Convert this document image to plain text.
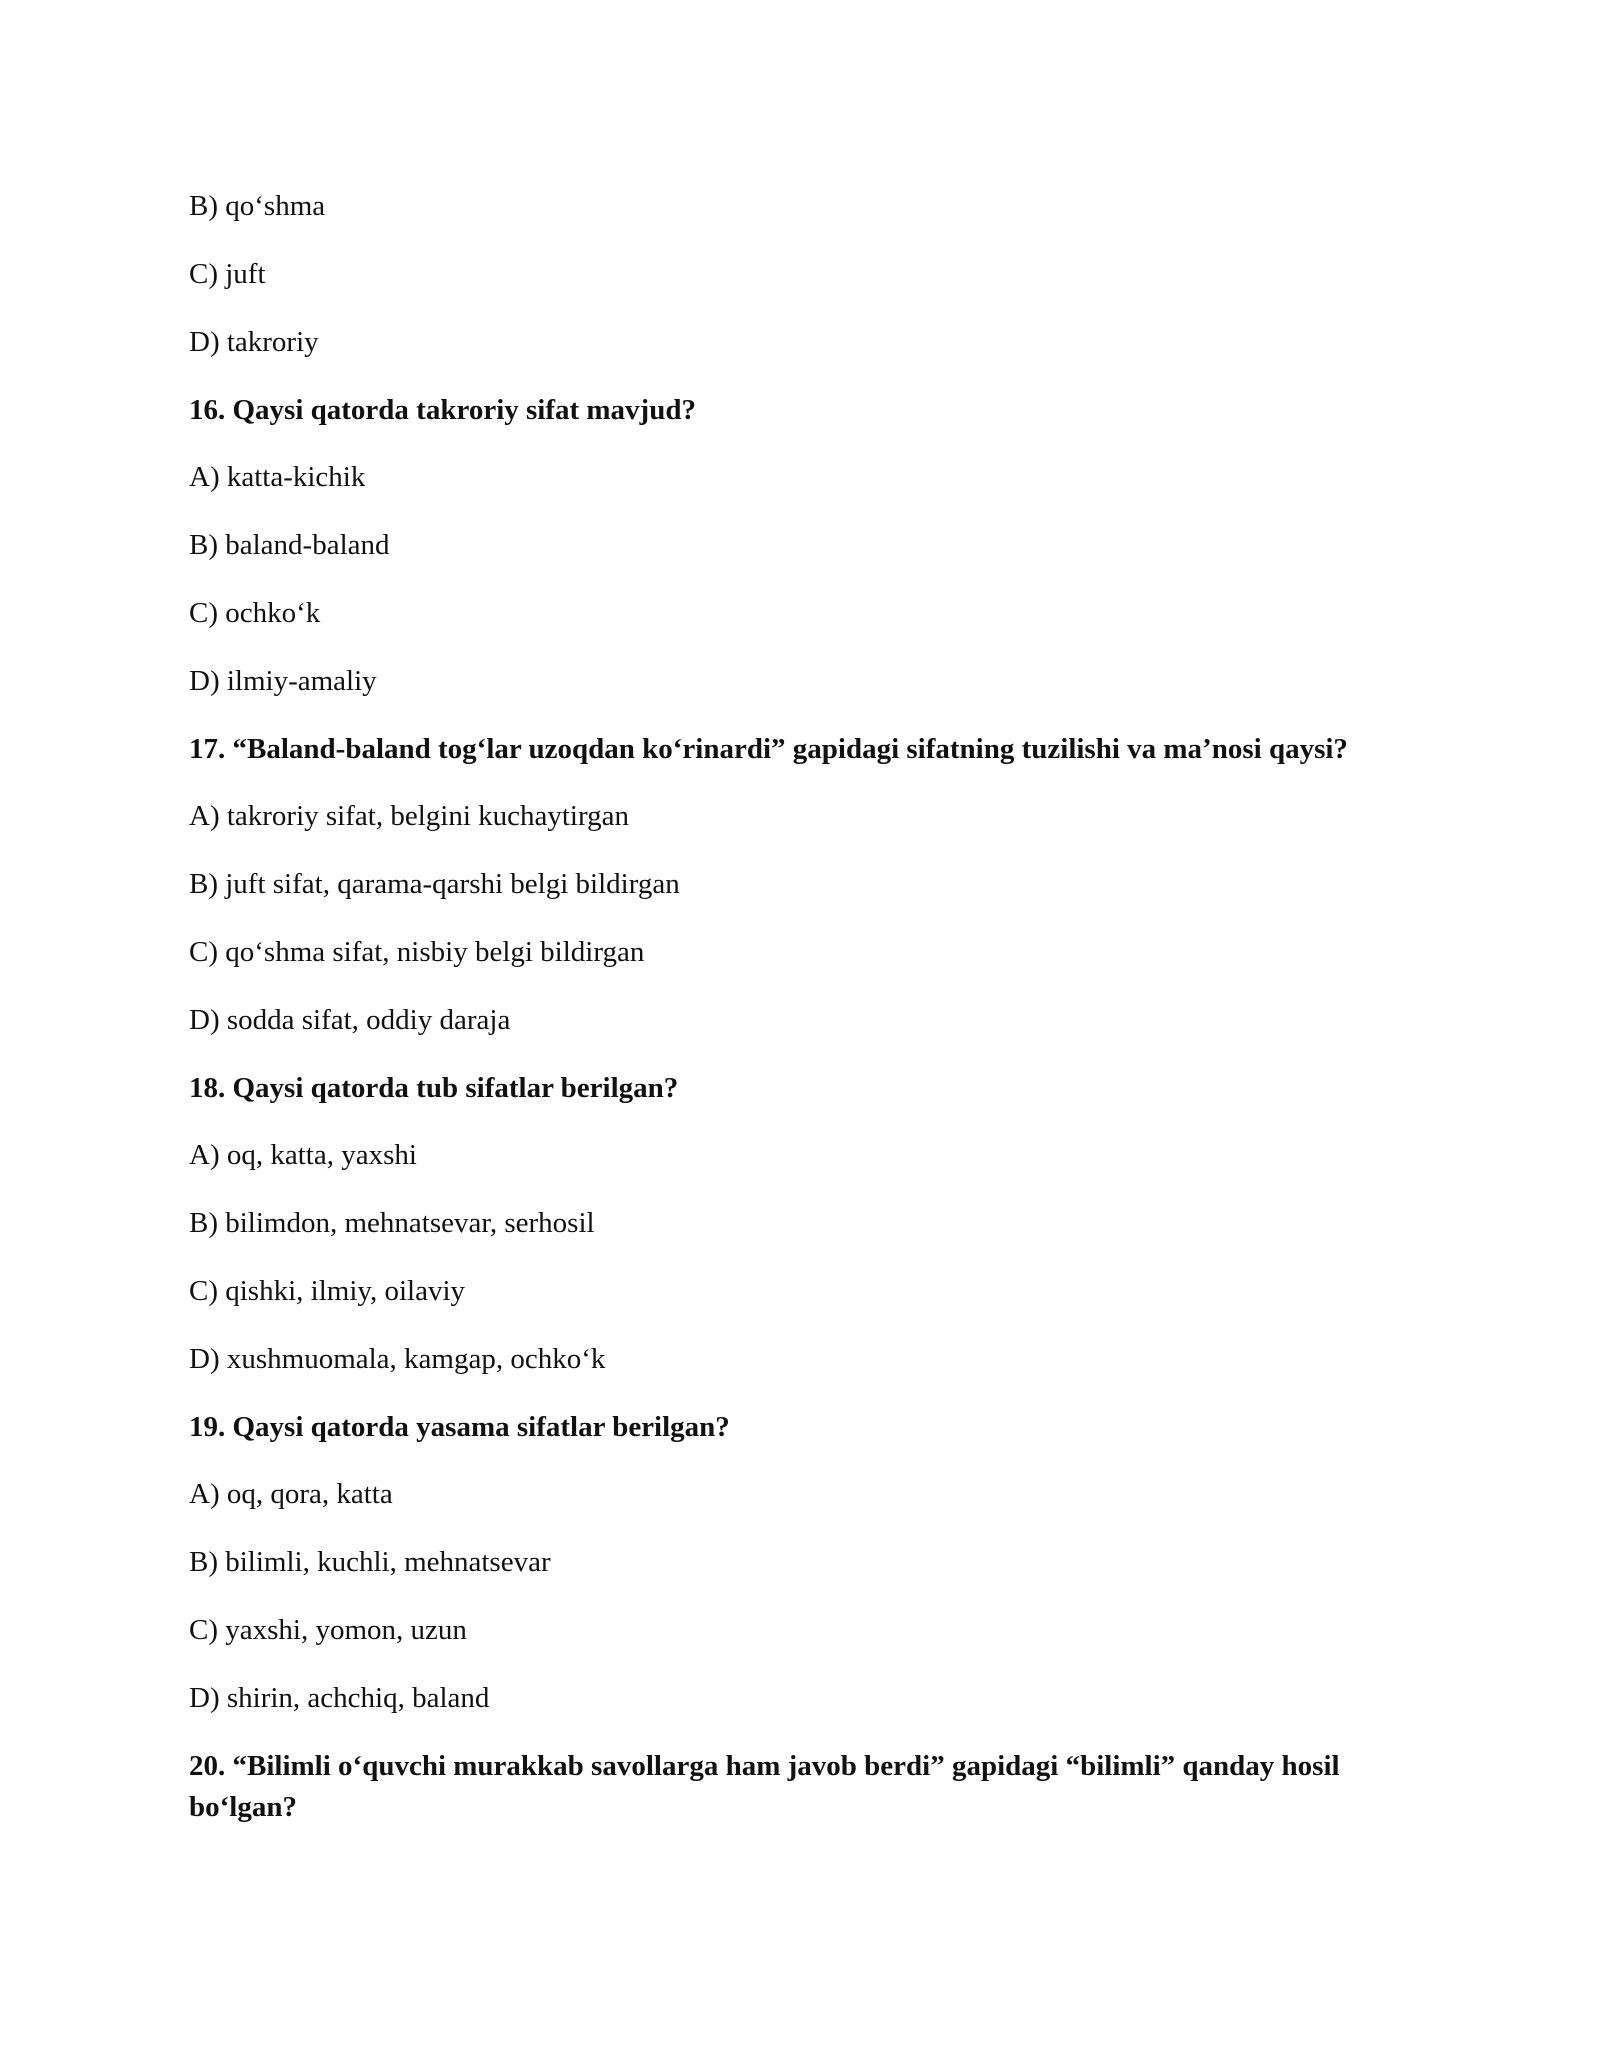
B) qo‘shma

C) juft

D) takroriy

16. Qaysi qatorda takroriy sifat mavjud?

A) katta-kichik

B) baland-baland

C) ochko‘k

D) ilmiy-amaliy

17. “Baland-baland tog‘lar uzoqdan ko‘rinardi” gapidagi sifatning tuzilishi va ma’nosi qaysi?

A) takroriy sifat, belgini kuchaytirgan

B) juft sifat, qarama-qarshi belgi bildirgan

C) qo‘shma sifat, nisbiy belgi bildirgan

D) sodda sifat, oddiy daraja

18. Qaysi qatorda tub sifatlar berilgan?

A) oq, katta, yaxshi

B) bilimdon, mehnatsevar, serhosil

C) qishki, ilmiy, oilaviy

D) xushmuomala, kamgap, ochko‘k

19. Qaysi qatorda yasama sifatlar berilgan?

A) oq, qora, katta

B) bilimli, kuchli, mehnatsevar

C) yaxshi, yomon, uzun

D) shirin, achchiq, baland

20. “Bilimli o‘quvchi murakkab savollarga ham javob berdi” gapidagi “bilimli” qanday hosil bo‘lgan?
